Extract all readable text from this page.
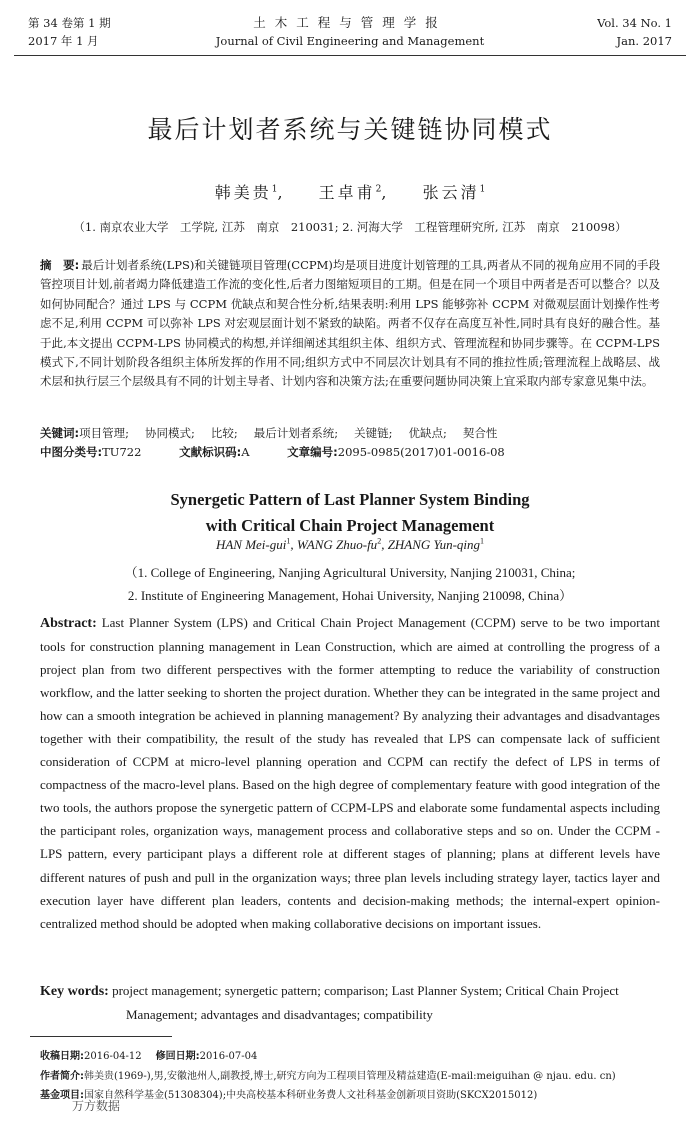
第 34 卷第 1 期
2017 年 1 月
土木工程与管理学报
Journal of Civil Engineering and Management
Vol. 34 No. 1
Jan. 2017
最后计划者系统与关键链协同模式
韩美贵$^1$, 王卓甫$^2$, 张云清$^1$
（1. 南京农业大学　工学院, 江苏　南京　210031; 2. 河海大学　工程管理研究所, 江苏　南京　210098）
摘　要: 最后计划者系统(LPS)和关键链项目管理(CCPM)均是项目进度计划管理的工具,两者从不同的视角应用不同的手段管控项目计划,前者竭力降低建造工作流的变化性,后者力图缩短项目的工期。但是在同一个项目中两者是否可以整合？以及如何协同配合？通过 LPS 与 CCPM 优缺点和契合性分析,结果表明:利用 LPS 能够弥补 CCPM 对微观层面计划操作性考虑不足,利用 CCPM 可以弥补 LPS 对宏观层面计划不紧致的缺陷。两者不仅存在高度互补性,同时具有良好的融合性。基于此,本文提出 CCPM-LPS 协同模式的构想,并详细阐述其组织主体、组织方式、管理流程和协同步骤等。在 CCPM-LPS 模式下,不同计划阶段各组织主体所发挥的作用不同;组织方式中不同层次计划具有不同的推拉性质;管理流程上战略层、战术层和执行层三个层级具有不同的计划主导者、计划内容和决策方法;在重要问题协同决策上宜采取内部专家意见集中法。
关键词:项目管理; 协同模式; 比较; 最后计划者系统; 关键链; 优缺点; 契合性
中图分类号:TU722	文献标识码:A	文章编号:2095-0985(2017)01-0016-08
Synergetic Pattern of Last Planner System Binding
with Critical Chain Project Management
HAN Mei-gui$^1$, WANG Zhuo-$fu^2$, ZHANG Yun-qing$^1$
（1. College of Engineering, Nanjing Agricultural University, Nanjing 210031, China;
2. Institute of Engineering Management, Hohai University, Nanjing 210098, China）
Abstract: Last Planner System (LPS) and Critical Chain Project Management (CCPM) serve to be two important tools for construction planning management in Lean Construction, which are aimed at controlling the progress of a project plan from two different perspectives with the former attempting to reduce the variability of construction workflow, and the latter seeking to shorten the project duration. Whether they can be integrated in the same project and how can a smooth integration be achieved in planning management? By analyzing their advantages and disadvantages together with their compatibility, the result of the study has revealed that LPS can compensate lack of sufficient consideration of CCPM at micro-level planning operation and CCPM can rectify the defect of LPS in terms of compactness of the macro-level plans. Based on the high degree of complementary feature with good integration of the two tools, the authors propose the synergetic pattern of CCPM-LPS and elaborate some fundamental aspects including the participant roles, organization ways, management process and collaborative steps and so on. Under the CCPM - LPS pattern, every participant plays a different role at different stages of planning; plans at different levels have different natures of push and pull in the organization ways; three plan levels including strategy layer, tactics layer and execution layer have different plan leaders, contents and decision-making methods; the internal-expert opinion-centralized method should be adopted when making collaborative decisions on important issues.
Key words: project management; synergetic pattern; comparison; Last Planner System; Critical Chain Project Management; advantages and disadvantages; compatibility
收稿日期:2016-04-12 修回日期:2016-07-04
作者简介:韩美贵(1969-),男,安徽池州人,副教授,博士,研究方向为工程项目管理及精益建造(E-mail:meiguihan @ njau. edu. cn)
基金项目:国家自然科学基金(51308304);中央高校基本科研业务费人文社科基金创新项目资助(SKCX2015012)
万方数据
